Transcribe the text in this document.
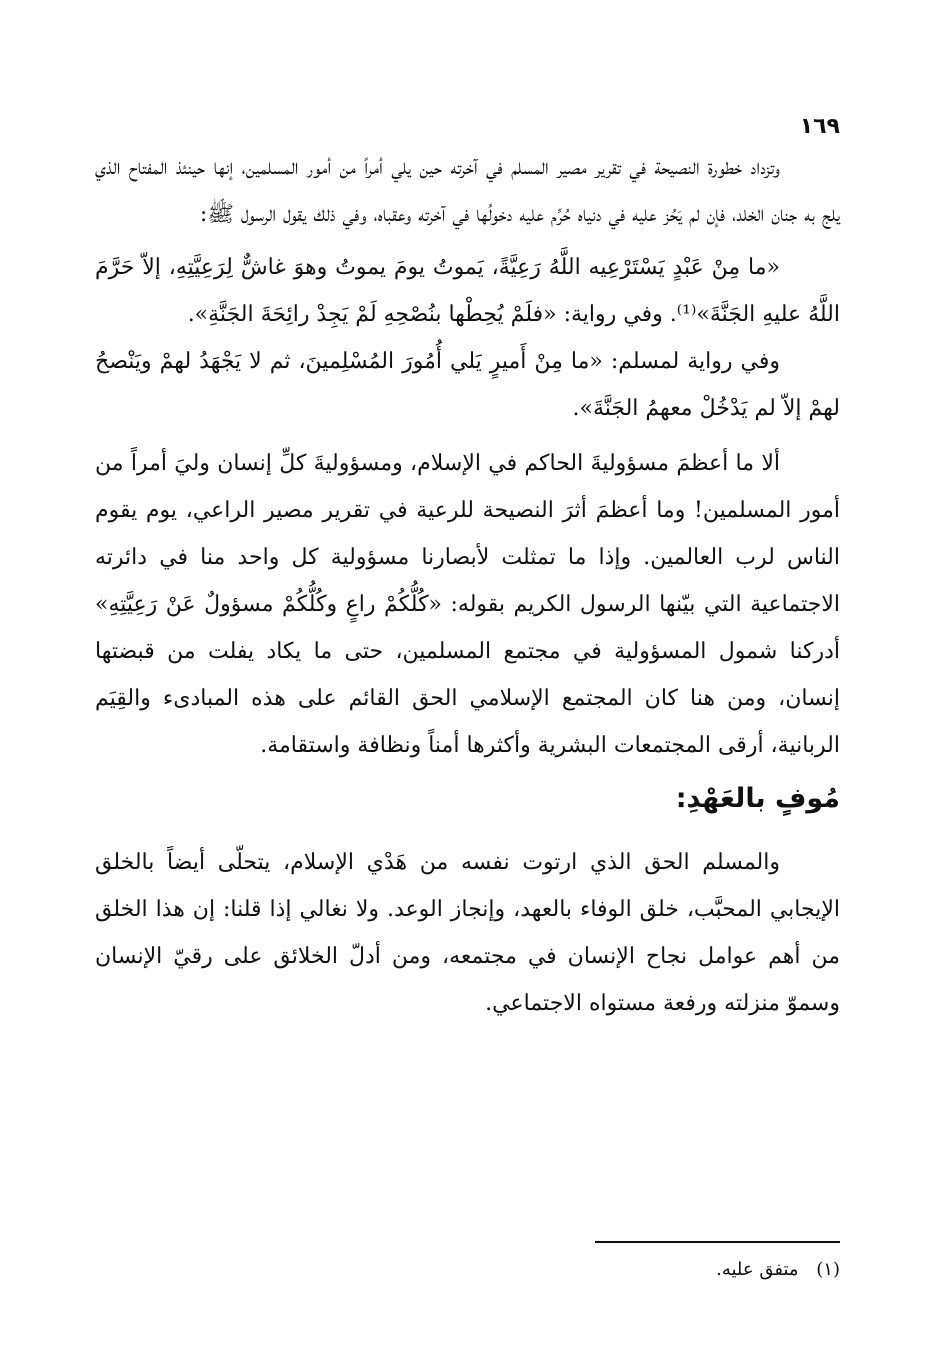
١٦٩

وتزداد خطورة النصيحة في تقرير مصير المسلم في آخرته حين يلي أمراً من أمور المسلمين، إنها حينئذ المفتاح الذي يلج به جنان الخلد، فإن لم يَحُز عليه في دنياه حُرِّم عليه دخولُها في آخرته وعقباه، وفي ذلك يقول الرسول ﷺ:

«ما مِنْ عَبْدٍ يَسْتَرْعِيه اللَّهُ رَعِيَّةً، يَموتُ يومَ يموتُ وهوَ غاشٌّ لِرَعِيَّتِهِ، إلاّ حَرَّمَ اللَّهُ عليهِ الجَنَّةَ»⁽¹⁾. وفي رواية: «فلَمْ يُحِطْها بنُصْحِهِ لَمْ يَجِدْ رائِحَةَ الجَنَّةِ».

وفي رواية لمسلم: «ما مِنْ أَميرٍ يَلي أُمُورَ المُسْلِمينَ، ثم لا يَجْهَدُ لهمْ ويَنْصحُ لهمْ إلاّ لم يَدْخُلْ معهمُ الجَنَّةَ».

ألا ما أعظمَ مسؤوليةَ الحاكم في الإسلام، ومسؤوليةَ كلِّ إنسان وليَ أمراً من أمور المسلمين! وما أعظمَ أثرَ النصيحة للرعية في تقرير مصير الراعي، يوم يقوم الناس لرب العالمين. وإذا ما تمثلت لأبصارنا مسؤولية كل واحد منا في دائرته الاجتماعية التي بيّنها الرسول الكريم بقوله: «كُلُّكُمْ راعٍ وكُلُّكُمْ مسؤولٌ عَنْ رَعِيَّتِهِ» أدركنا شمول المسؤولية في مجتمع المسلمين، حتى ما يكاد يفلت من قبضتها إنسان، ومن هنا كان المجتمع الإسلامي الحق القائم على هذه المبادىء والقِيَم الربانية، أرقى المجتمعات البشرية وأكثرها أمناً ونظافة واستقامة.

مُوفٍ بالعَهْدِ:

والمسلم الحق الذي ارتوت نفسه من هَدْي الإسلام، يتحلّى أيضاً بالخلق الإيجابي المحبَّب، خلق الوفاء بالعهد، وإنجاز الوعد. ولا نغالي إذا قلنا: إن هذا الخلق من أهم عوامل نجاح الإنسان في مجتمعه، ومن أدلّ الخلائق على رقيّ الإنسان وسموّ منزلته ورفعة مستواه الاجتماعي.

(١) متفق عليه.
